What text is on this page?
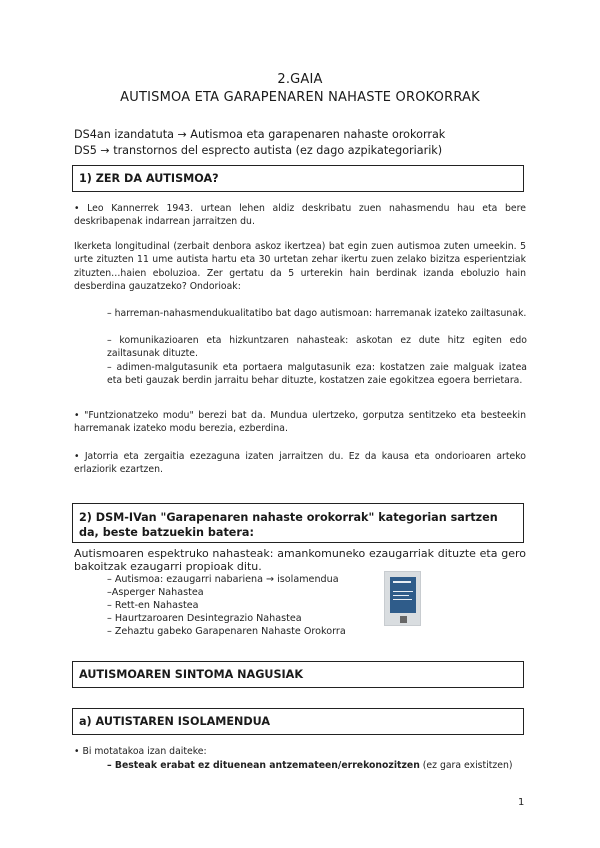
2.GAIA
AUTISMOA ETA GARAPENAREN NAHASTE OROKORRAK
DS4an izandatuta → Autismoa eta garapenaren nahaste orokorrak
DS5 → transtornos del esprecto autista (ez dago azpikategoriarik)
1) ZER DA AUTISMOA?
• Leo Kannerrek 1943. urtean lehen aldiz deskribatu zuen nahasmendu hau eta bere deskribapenak indarrean jarraitzen du.
Ikerketa longitudinal (zerbait denbora askoz ikertzea) bat egin zuen autismoa zuten umeekin. 5 urte zituzten 11 ume autista hartu eta 30 urtetan zehar ikertu zuen zelako bizitza esperientziak zituzten…haien eboluzioa. Zer gertatu da 5 urterekin hain berdinak izanda eboluzio hain desberdina gauzatzeko? Ondorioak:
– harreman-nahasmendukualitatibo bat dago autismoan: harremanak izateko zailtasunak.
– komunikazioaren eta hizkuntzaren nahasteak: askotan ez dute hitz egiten edo zailtasunak dituzte.
– adimen-malgutasunik eta portaera malgutasunik eza: kostatzen zaie malguak izatea eta beti gauzak berdin jarraitu behar dituzte, kostatzen zaie egokitzea egoera berrietara.
• "Funtzionatzeko modu" berezi bat da. Mundua ulertzeko, gorputza sentitzeko eta besteekin harremanak izateko modu berezia, ezberdina.
• Jatorria eta zergaitia ezezaguna izaten jarraitzen du. Ez da kausa eta ondorioaren arteko erlaziorik ezartzen.
2) DSM-IVan "Garapenaren nahaste orokorrak" kategorian sartzen da, beste batzuekin batera:
Autismoaren espektruko nahasteak: amankomuneko ezaugarriak dituzte eta gero bakoitzak ezaugarri propioak ditu.
– Autismoa: ezaugarri nabariena → isolamendua
–Asperger Nahastea
– Rett-en Nahastea
– Haurtzaroaren Desintegrazio Nahastea
– Zehaztu gabeko Garapenaren Nahaste Orokorra
AUTISMOAREN SINTOMA NAGUSIAK
a) AUTISTAREN ISOLAMENDUA
• Bi motatakoa izan daiteke:
– Besteak erabat ez dituenean antzemateen/errekonozitzen (ez gara existitzen)
1
